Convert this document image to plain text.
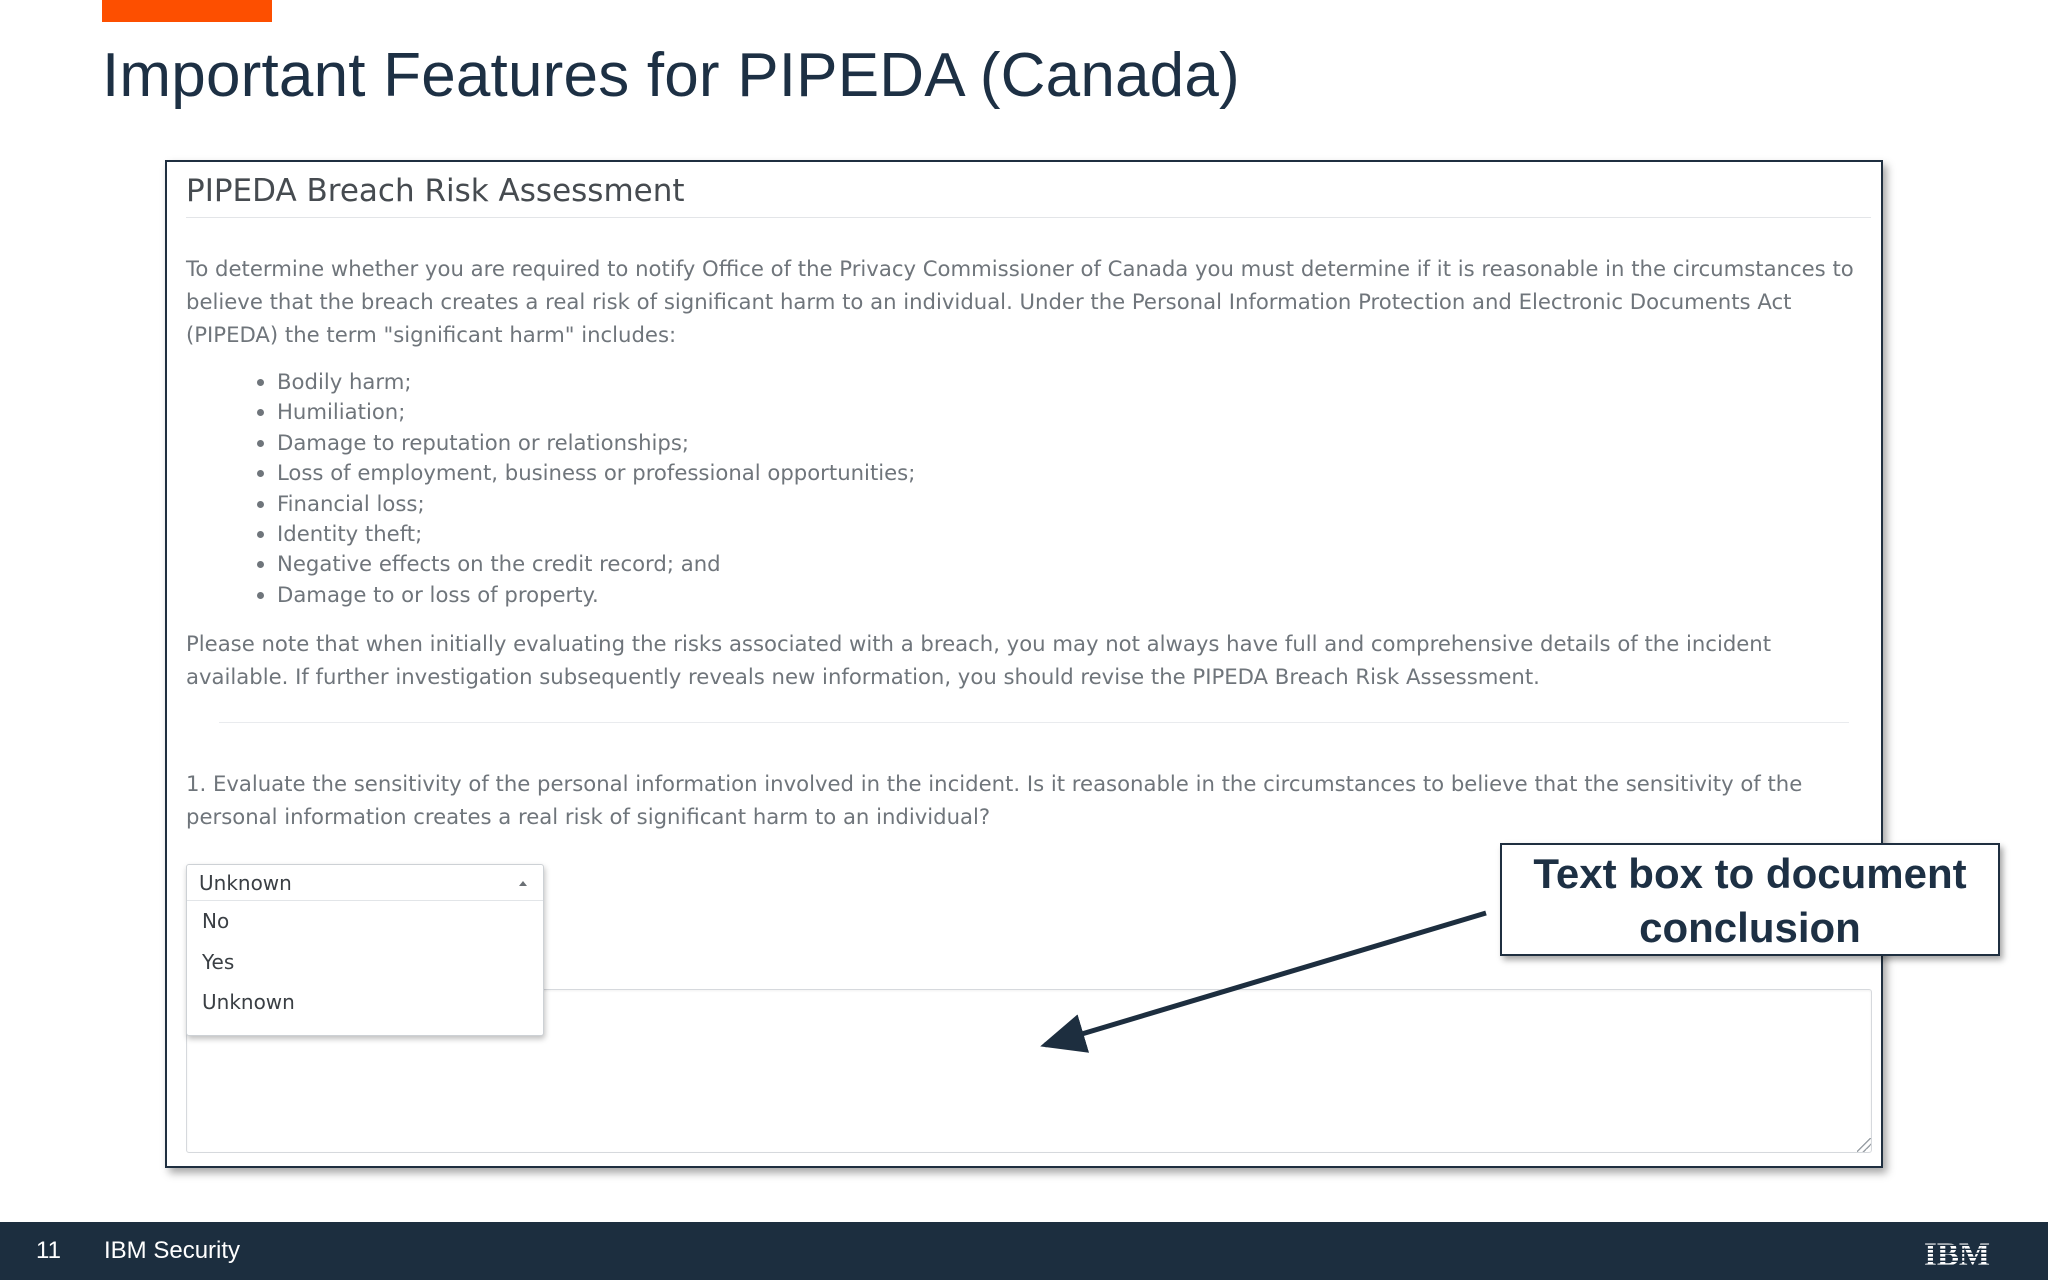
Important Features for PIPEDA (Canada)
PIPEDA Breach Risk Assessment

To determine whether you are required to notify Office of the Privacy Commissioner of Canada you must determine if it is reasonable in the circumstances to believe that the breach creates a real risk of significant harm to an individual. Under the Personal Information Protection and Electronic Documents Act (PIPEDA) the term "significant harm" includes:

Bodily harm;
Humiliation;
Damage to reputation or relationships;
Loss of employment, business or professional opportunities;
Financial loss;
Identity theft;
Negative effects on the credit record; and
Damage to or loss of property.

Please note that when initially evaluating the risks associated with a breach, you may not always have full and comprehensive details of the incident available. If further investigation subsequently reveals new information, you should revise the PIPEDA Breach Risk Assessment.

1. Evaluate the sensitivity of the personal information involved in the incident. Is it reasonable in the circumstances to believe that the sensitivity of the personal information creates a real risk of significant harm to an individual?

Unknown
No
Yes
Unknown
Text box to document
conclusion
11 IBM Security	IBM
